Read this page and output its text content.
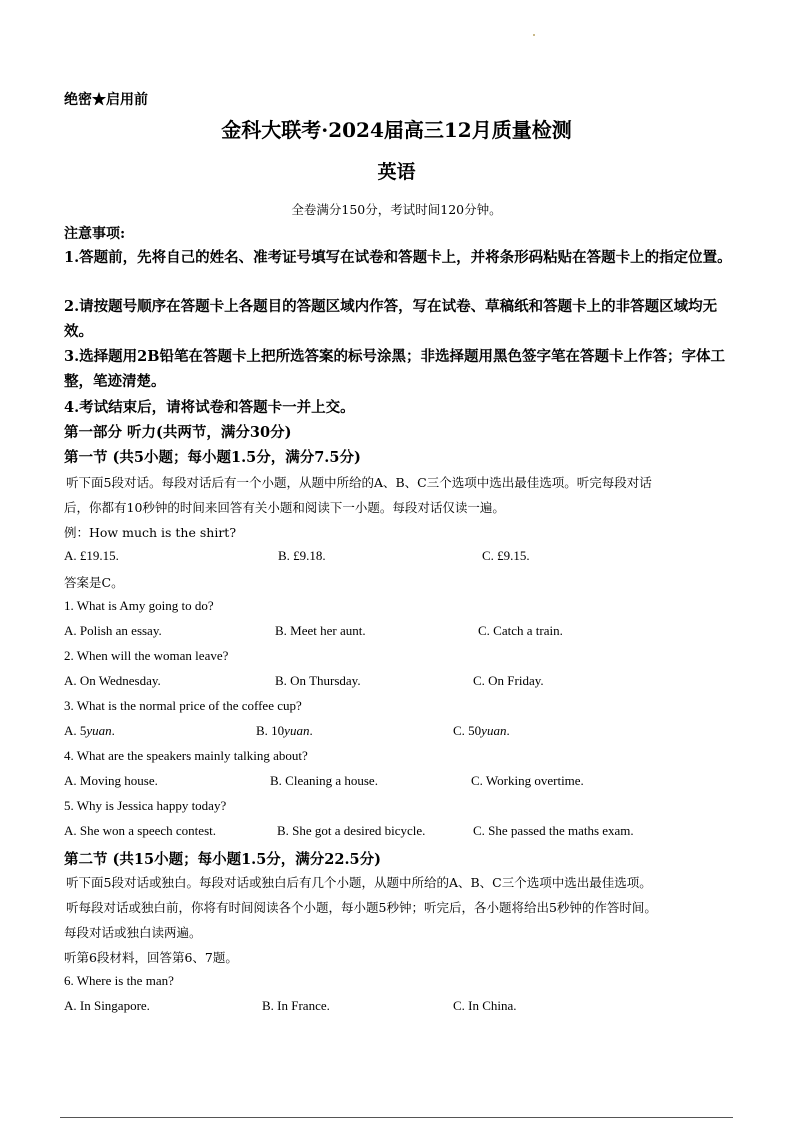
绝密★启用前
金科大联考·2024届高三12月质量检测
英语
全卷满分150分，考试时间120分钟。
注意事项:
1.答题前，先将自己的姓名、准考证号填写在试卷和答题卡上，并将条形码粘贴在答题卡上的指定位置。
2.请按题号顺序在答题卡上各题目的答题区域内作答，写在试卷、草稿纸和答题卡上的非答题区域均无效。
3.选择题用2B铅笔在答题卡上把所选答案的标号涂黑；非选择题用黑色签字笔在答题卡上作答；字体工整，笔迹清楚。
4.考试结束后，请将试卷和答题卡一并上交。
第一部分 听力(共两节，满分30分)
第一节 (共5小题；每小题1.5分，满分7.5分)
听下面5段对话。每段对话后有一个小题，从题中所给的A、B、C三个选项中选出最佳选项。听完每段对话
后，你都有10秒钟的时间来回答有关小题和阅读下一小题。每段对话仅读一遍。
例：How much is the shirt?
A. £19.15.	B. £9.18.	C. £9.15.
答案是C。
1. What is Amy going to do?
A. Polish an essay.	B. Meet her aunt.	C. Catch a train.
2. When will the woman leave?
A. On Wednesday.	B. On Thursday.	C. On Friday.
3. What is the normal price of the coffee cup?
A. 5yuan.	B. 10yuan.	C. 50yuan.
4. What are the speakers mainly talking about?
A. Moving house.	B. Cleaning a house.	C. Working overtime.
5. Why is Jessica happy today?
A. She won a speech contest.	B. She got a desired bicycle.	C. She passed the maths exam.
第二节 (共15小题；每小题1.5分，满分22.5分)
听下面5段对话或独白。每段对话或独白后有几个小题，从题中所给的A、B、C三个选项中选出最佳选项。
听每段对话或独白前，你将有时间阅读各个小题，每小题5秒钟；听完后，各小题将给出5秒钟的作答时间。
每段对话或独白读两遍。
听第6段材料，回答第6、7题。
6. Where is the man?
A. In Singapore.	B. In France.	C. In China.
